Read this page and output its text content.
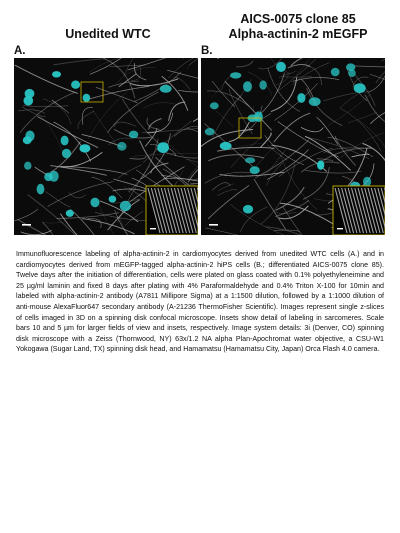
Unedited WTC
AICS-0075 clone 85
Alpha-actinin-2 mEGFP
A.	B.

Immunofluorescence labeling of alpha-actinin-2 in cardiomyocytes derived from unedited WTC cells (A.) and in cardiomyocytes derived from mEGFP-tagged alpha-actinin-2 hiPS cells (B.; differentiated AICS-0075 clone 85). Twelve days after the initiation of differentiation, cells were plated on glass coated with 0.1% polyethyleneimine and 25 µg/ml laminin and fixed 8 days after plating with 4% Paraformaldehyde and 0.4% Triton X-100 for 10min and labeled with alpha-actinin-2 antibody (A7811 Millipore Sigma) at a 1:1500 dilution, followed by a 1:1000 dilution of anti-mouse AlexaFluor647 secondary antibody (A-21236 ThermoFisher Scientific). Images represent single z-slices of cells imaged in 3D on a spinning disk confocal microscope. Insets show detail of labeling in sarcomeres. Scale bars 10 and 5 µm for larger fields of view and insets, respectively. Image system details: 3i (Denver, CO) spinning disk microscope with a Zeiss (Thornwood, NY) 63x/1.2 NA alpha Plan-Apochromat water objective, a CSU-W1 Yokogawa (Sugar Land, TX) spinning disk head, and Hamamatsu (Hamamatsu City, Japan) Orca Flash 4.0 camera.
